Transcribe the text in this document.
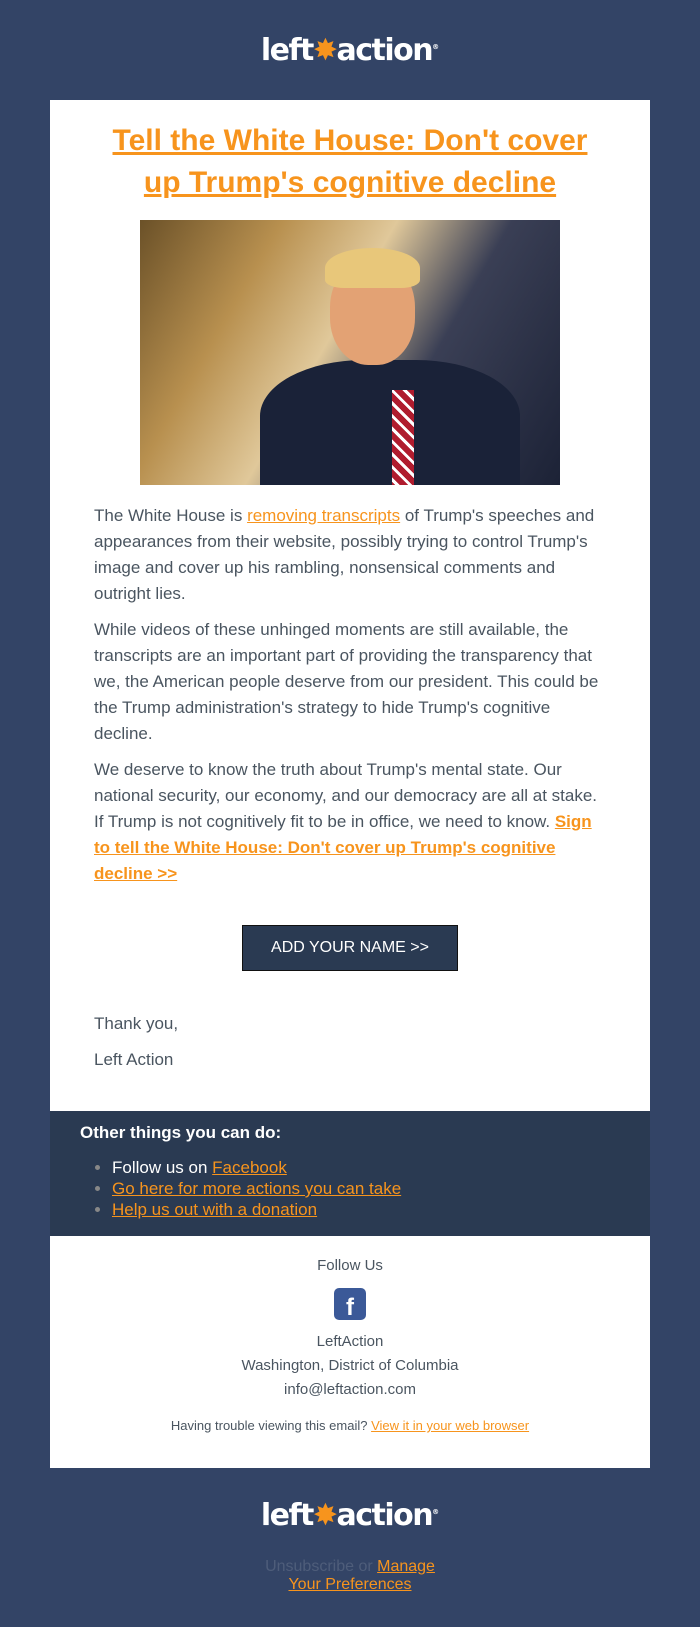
left✸action®
Tell the White House: Don't cover up Trump's cognitive decline

The White House is removing transcripts of Trump's speeches and appearances from their website, possibly trying to control Trump's image and cover up his rambling, nonsensical comments and outright lies.

While videos of these unhinged moments are still available, the transcripts are an important part of providing the transparency that we, the American people deserve from our president. This could be the Trump administration's strategy to hide Trump's cognitive decline.

We deserve to know the truth about Trump's mental state. Our national security, our economy, and our democracy are all at stake. If Trump is not cognitively fit to be in office, we need to know. Sign to tell the White House: Don't cover up Trump's cognitive decline >>

ADD YOUR NAME >>

Thank you,

Left Action

Other things you can do:
• Follow us on Facebook
• Go here for more actions you can take
• Help us out with a donation
Follow Us
f
LeftAction
Washington, District of Columbia
info@leftaction.com
Having trouble viewing this email? View it in your web browser
left✸action®
Unsubscribe or Manage Your Preferences
